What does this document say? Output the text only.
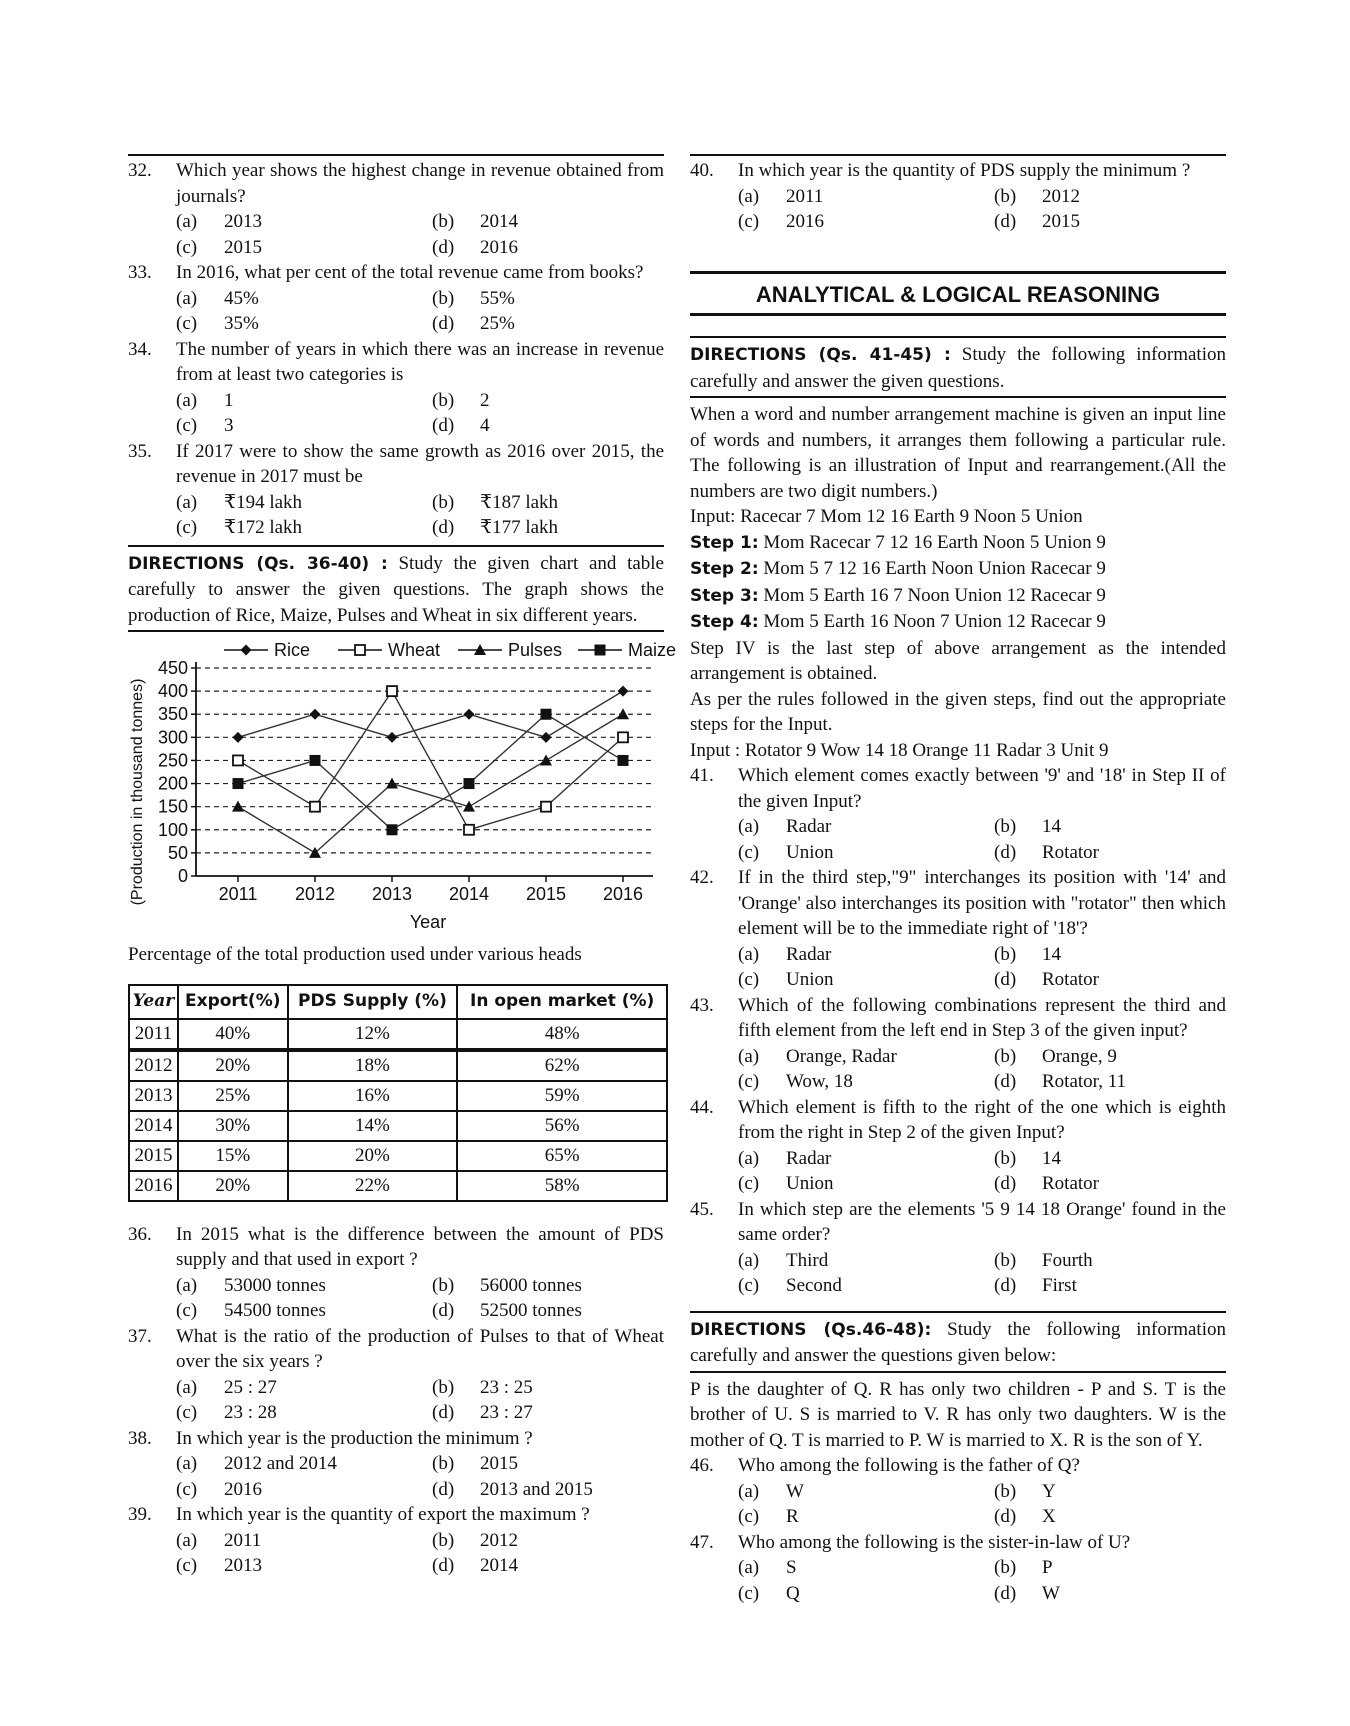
32. Which year shows the highest change in revenue obtained from journals?
(a) 2013	(b) 2014
(c) 2015	(d) 2016
33. In 2016, what per cent of the total revenue came from books?
(a) 45%	(b) 55%
(c) 35%	(d) 25%
34. The number of years in which there was an increase in revenue from at least two categories is
(a) 1	(b) 2
(c) 3	(d) 4
35. If 2017 were to show the same growth as 2016 over 2015, the revenue in 2017 must be
(a) ₹194 lakh	(b) ₹187 lakh
(c) ₹172 lakh	(d) ₹177 lakh
DIRECTIONS (Qs. 36-40) : Study the given chart and table carefully to answer the given questions. The graph shows the production of Rice, Maize, Pulses and Wheat in six different years.
0
50
100
150
200
250
300
350
400
450
2011 2012 2013 2014 2015 2016
Year
(Production in thousand tonnes)
Rice	Wheat	Pulses	Maize
Percentage of the total production used under various heads
Year	Export(%)	PDS Supply (%)	In open market (%)
2011	40%	12%	48%
2012	20%	18%	62%
2013	25%	16%	59%
2014	30%	14%	56%
2015	15%	20%	65%
2016	20%	22%	58%
36. In 2015 what is the difference between the amount of PDS supply and that used in export ?
(a) 53000 tonnes	(b) 56000 tonnes
(c) 54500 tonnes	(d) 52500 tonnes
37. What is the ratio of the production of Pulses to that of Wheat over the six years ?
(a) 25 : 27	(b) 23 : 25
(c) 23 : 28	(d) 23 : 27
38. In which year is the production the minimum ?
(a) 2012 and 2014	(b) 2015
(c) 2016	(d) 2013 and 2015
39. In which year is the quantity of export the maximum ?
(a) 2011	(b) 2012
(c) 2013	(d) 2014
40. In which year is the quantity of PDS supply the minimum ?
(a) 2011	(b) 2012
(c) 2016	(d) 2015
ANALYTICAL & LOGICAL REASONING
DIRECTIONS (Qs. 41-45) : Study the following information carefully and answer the given questions.

When a word and number arrangement machine is given an input line of words and numbers, it arranges them following a particular rule. The following is an illustration of Input and rearrangement.(All the numbers are two digit numbers.)

Input: Racecar 7 Mom 12 16 Earth 9 Noon 5 Union
Step 1: Mom Racecar 7 12 16 Earth Noon 5 Union 9
Step 2: Mom 5 7 12 16 Earth Noon Union Racecar 9
Step 3: Mom 5 Earth 16 7 Noon Union 12 Racecar 9
Step 4: Mom 5 Earth 16 Noon 7 Union 12 Racecar 9

Step IV is the last step of above arrangement as the intended arrangement is obtained.

As per the rules followed in the given steps, find out the appropriate steps for the Input.

Input : Rotator 9 Wow 14 18 Orange 11 Radar 3 Unit 9
41. Which element comes exactly between '9' and '18' in Step II of the given Input?
(a) Radar	(b) 14
(c) Union	(d) Rotator
42. If in the third step,"9" interchanges its position with '14' and 'Orange' also interchanges its position with "rotator" then which element will be to the immediate right of '18'?
(a) Radar	(b) 14
(c) Union	(d) Rotator
43. Which of the following combinations represent the third and fifth element from the left end in Step 3 of the given input?
(a) Orange, Radar	(b) Orange, 9
(c) Wow, 18	(d) Rotator, 11
44. Which element is fifth to the right of the one which is eighth from the right in Step 2 of the given Input?
(a) Radar	(b) 14
(c) Union	(d) Rotator
45. In which step are the elements '5 9 14 18 Orange' found in the same order?
(a) Third	(b) Fourth
(c) Second	(d) First
DIRECTIONS (Qs.46-48): Study the following information carefully and answer the questions given below:

P is the daughter of Q. R has only two children - P and S. T is the brother of U. S is married to V. R has only two daughters. W is the mother of Q. T is married to P. W is married to X. R is the son of Y.

46. Who among the following is the father of Q?
(a) W	(b) Y
(c) R	(d) X
47. Who among the following is the sister-in-law of U?
(a) S	(b) P
(c) Q	(d) W
